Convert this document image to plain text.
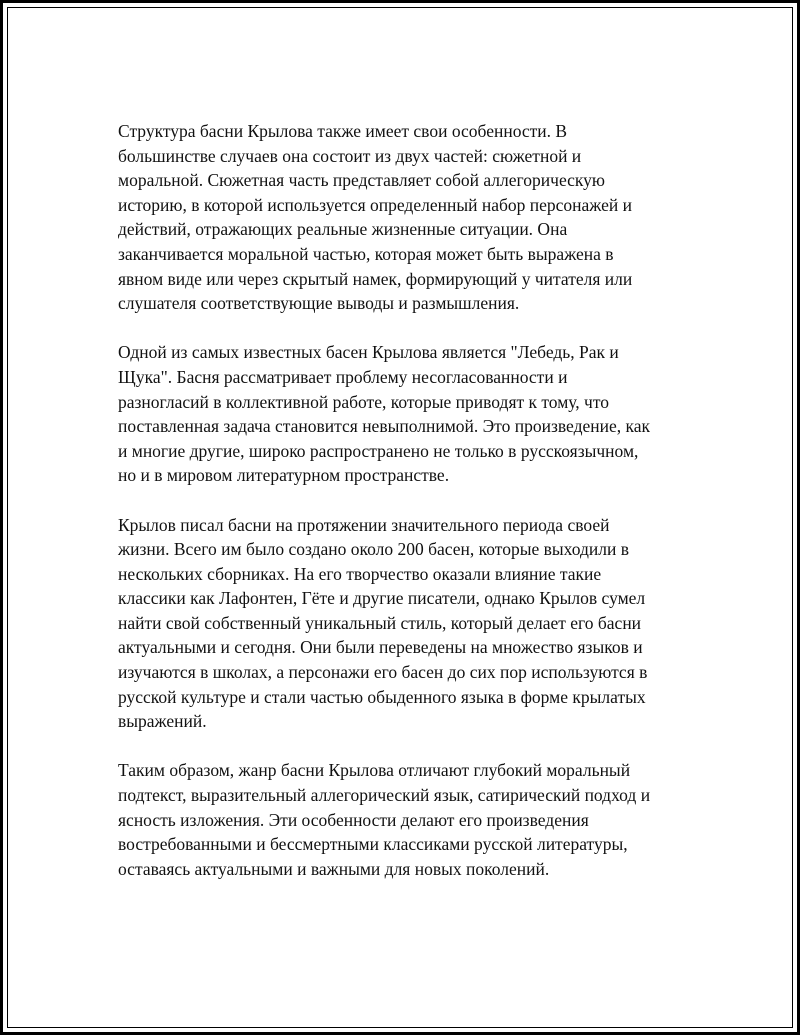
Структура басни Крылова также имеет свои особенности. В
большинстве случаев она состоит из двух частей: сюжетной и
моральной. Сюжетная часть представляет собой аллегорическую
историю, в которой используется определенный набор персонажей и
действий, отражающих реальные жизненные ситуации. Она
заканчивается моральной частью, которая может быть выражена в
явном виде или через скрытый намек, формирующий у читателя или
слушателя соответствующие выводы и размышления.

Одной из самых известных басен Крылова является "Лебедь, Рак и
Щука". Басня рассматривает проблему несогласованности и
разногласий в коллективной работе, которые приводят к тому, что
поставленная задача становится невыполнимой. Это произведение, как
и многие другие, широко распространено не только в русскоязычном,
но и в мировом литературном пространстве.

Крылов писал басни на протяжении значительного периода своей
жизни. Всего им было создано около 200 басен, которые выходили в
нескольких сборниках. На его творчество оказали влияние такие
классики как Лафонтен, Гёте и другие писатели, однако Крылов сумел
найти свой собственный уникальный стиль, который делает его басни
актуальными и сегодня. Они были переведены на множество языков и
изучаются в школах, а персонажи его басен до сих пор используются в
русской культуре и стали частью обыденного языка в форме крылатых
выражений.

Таким образом, жанр басни Крылова отличают глубокий моральный
подтекст, выразительный аллегорический язык, сатирический подход и
ясность изложения. Эти особенности делают его произведения
востребованными и бессмертными классиками русской литературы,
оставаясь актуальными и важными для новых поколений.
